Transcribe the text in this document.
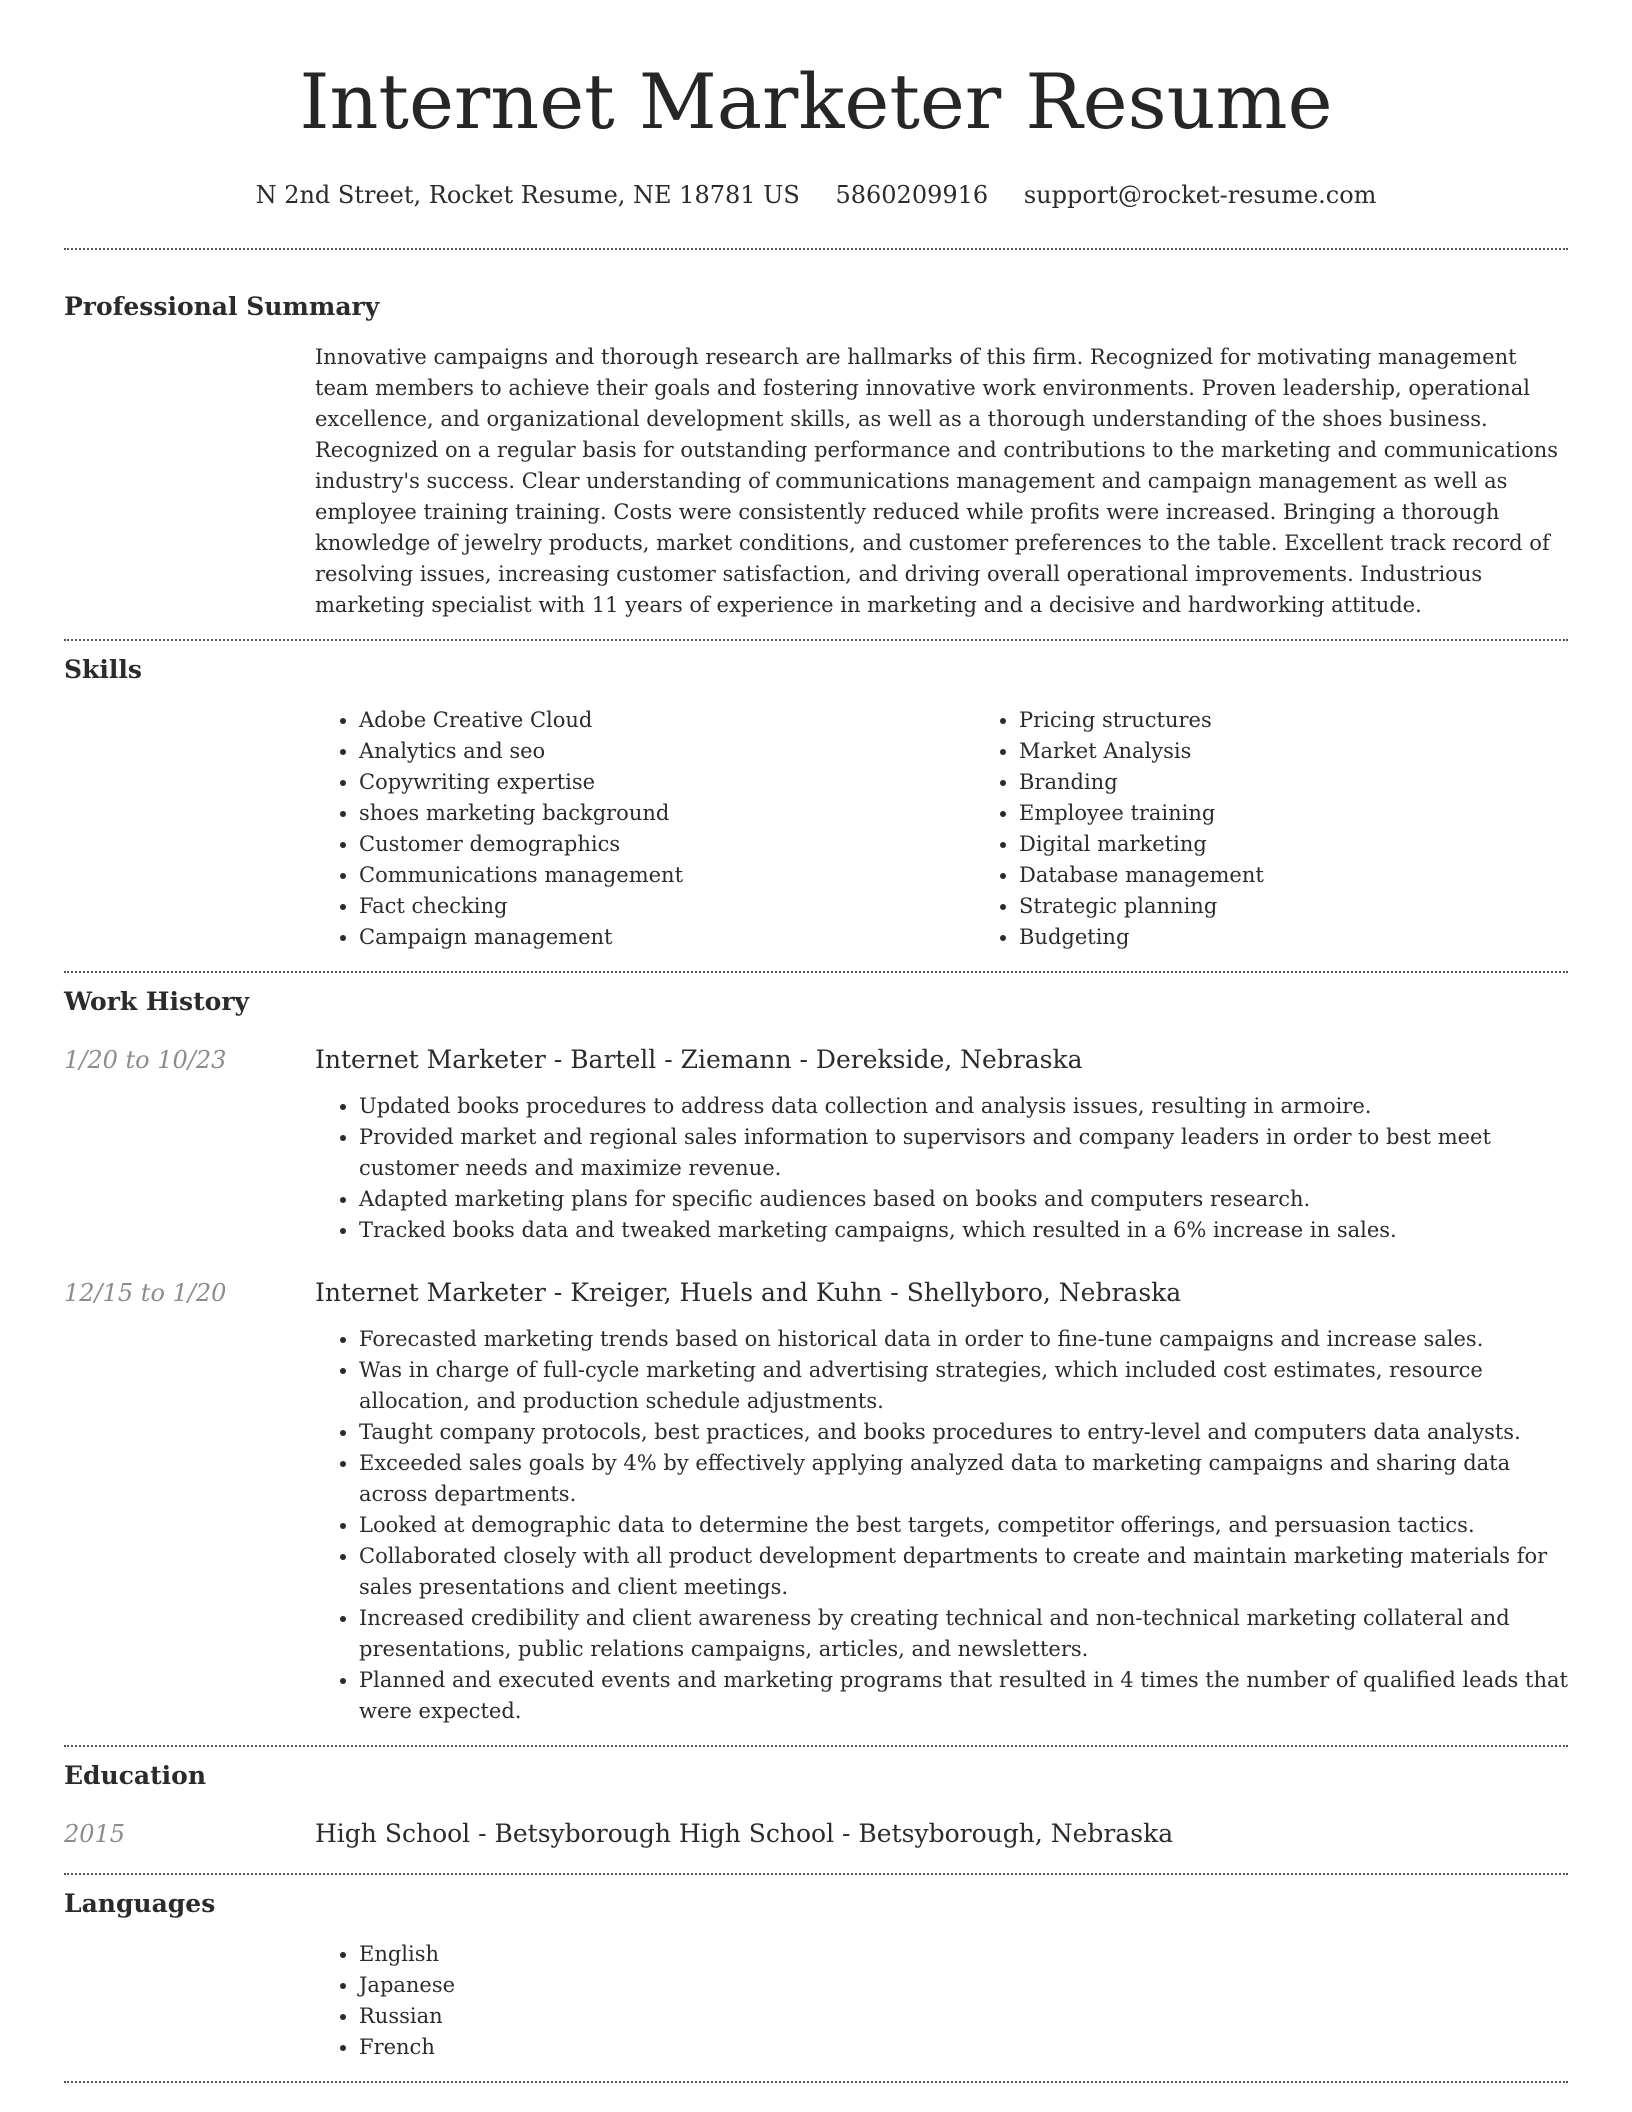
Internet Marketer Resume
N 2nd Street, Rocket Resume, NE 18781 US 5860209916 support@rocket-resume.com
Professional Summary

Innovative campaigns and thorough research are hallmarks of this firm. Recognized for motivating management team members to achieve their goals and fostering innovative work environments. Proven leadership, operational excellence, and organizational development skills, as well as a thorough understanding of the shoes business. Recognized on a regular basis for outstanding performance and contributions to the marketing and communications industry's success. Clear understanding of communications management and campaign management as well as employee training training. Costs were consistently reduced while profits were increased. Bringing a thorough knowledge of jewelry products, market conditions, and customer preferences to the table. Excellent track record of resolving issues, increasing customer satisfaction, and driving overall operational improvements. Industrious marketing specialist with 11 years of experience in marketing and a decisive and hardworking attitude.

Skills
• Adobe Creative Cloud
• Analytics and seo
• Copywriting expertise
• shoes marketing background
• Customer demographics
• Communications management
• Fact checking
• Campaign management
• Pricing structures
• Market Analysis
• Branding
• Employee training
• Digital marketing
• Database management
• Strategic planning
• Budgeting
Work History
1/20 to 10/23	Internet Marketer - Bartell - Ziemann - Derekside, Nebraska
• Updated books procedures to address data collection and analysis issues, resulting in armoire.
• Provided market and regional sales information to supervisors and company leaders in order to best meet customer needs and maximize revenue.
• Adapted marketing plans for specific audiences based on books and computers research.
• Tracked books data and tweaked marketing campaigns, which resulted in a 6% increase in sales.
12/15 to 1/20	Internet Marketer - Kreiger, Huels and Kuhn - Shellyboro, Nebraska
• Forecasted marketing trends based on historical data in order to fine-tune campaigns and increase sales.
• Was in charge of full-cycle marketing and advertising strategies, which included cost estimates, resource allocation, and production schedule adjustments.
• Taught company protocols, best practices, and books procedures to entry-level and computers data analysts.
• Exceeded sales goals by 4% by effectively applying analyzed data to marketing campaigns and sharing data across departments.
• Looked at demographic data to determine the best targets, competitor offerings, and persuasion tactics.
• Collaborated closely with all product development departments to create and maintain marketing materials for sales presentations and client meetings.
• Increased credibility and client awareness by creating technical and non-technical marketing collateral and presentations, public relations campaigns, articles, and newsletters.
• Planned and executed events and marketing programs that resulted in 4 times the number of qualified leads that were expected.
Education
2015	High School - Betsyborough High School - Betsyborough, Nebraska
Languages
• English
• Japanese
• Russian
• French
